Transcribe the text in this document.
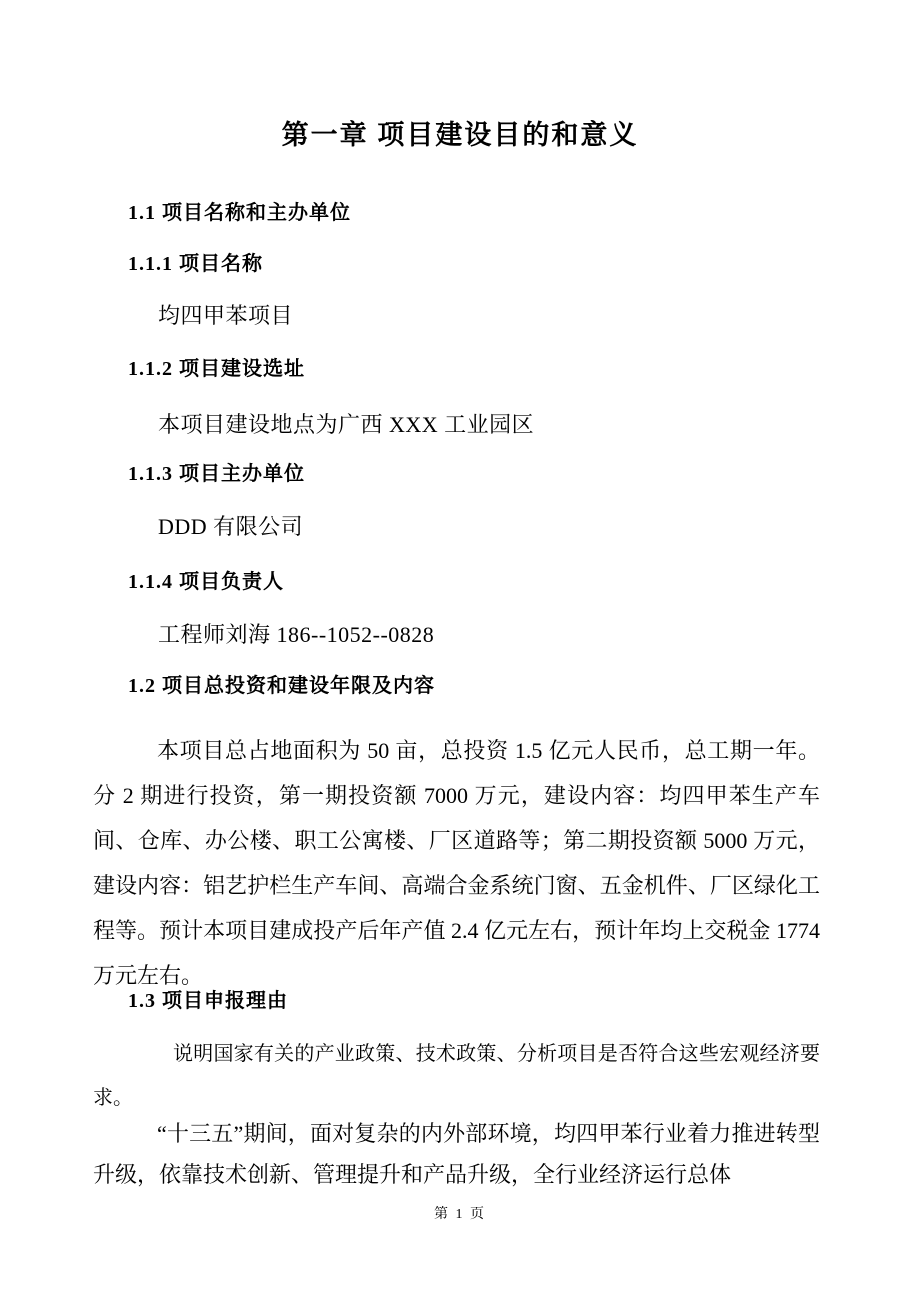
第一章 项目建设目的和意义
1.1 项目名称和主办单位
1.1.1 项目名称

均四甲苯项目

1.1.2 项目建设选址

本项目建设地点为广西 XXX 工业园区

1.1.3 项目主办单位

DDD 有限公司

1.1.4 项目负责人

工程师刘海 186--1052--0828

1.2 项目总投资和建设年限及内容

本项目总占地面积为 50 亩，总投资 1.5 亿元人民币，总工期一年。分 2 期进行投资，第一期投资额 7000 万元，建设内容：均四甲苯生产车间、仓库、办公楼、职工公寓楼、厂区道路等；第二期投资额 5000 万元，建设内容：铝艺护栏生产车间、高端合金系统门窗、五金机件、厂区绿化工程等。预计本项目建成投产后年产值 2.4 亿元左右，预计年均上交税金 1774 万元左右。

1.3 项目申报理由

说明国家有关的产业政策、技术政策、分析项目是否符合这些宏观经济要求。

“十三五”期间，面对复杂的内外部环境，均四甲苯行业着力推进转型升级，依靠技术创新、管理提升和产品升级，全行业经济运行总体

第 1 页
